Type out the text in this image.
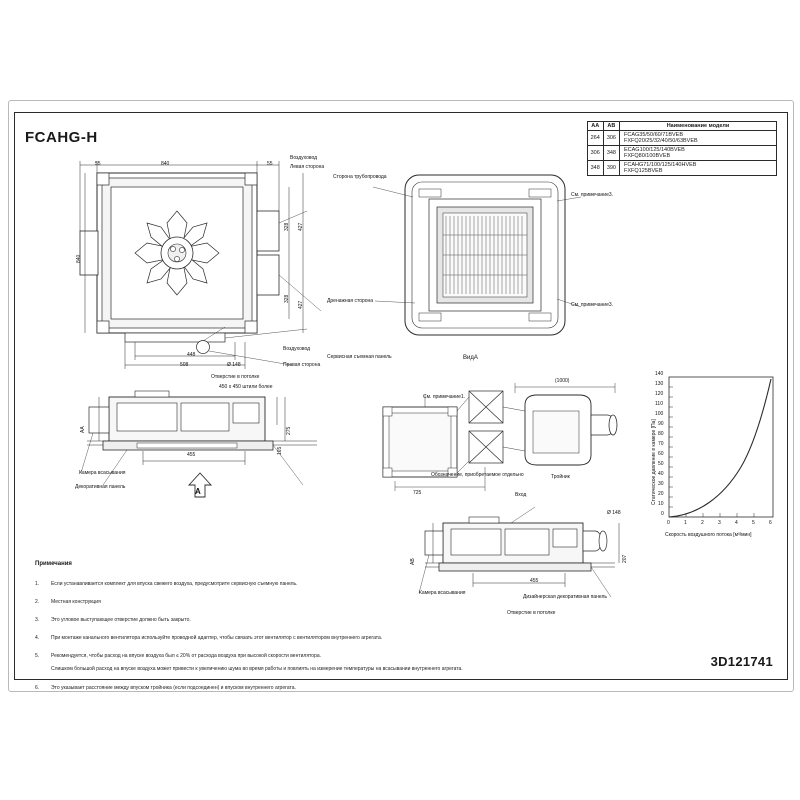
FCAHG-H
3D121741
AA	AB	Наименование модели
264	306	FCAG35/50/60/71BVEB
FXFQ20/25/32/40/50/63BVEB

306	348	ECAG100/125/140BVEB
FXFQ80/100BVEB

348	390	FCAHG71/100/125/140HVEB
FXFQ125BVEB
55	840	55
840
328 427
328
427
448
508
Воздуховод
Левая сторона
Воздуховод
Правая сторона
Сервисная съемная панель
Отверстие в потолке
Ø 148
Сторона трубопровода
См. примечание3.
См. примечание3.
Дренажная сторона
ВидА
450 х 450 штили более
AA	275
165
455
Камера всасывания
Декоративная панель	A
(1000)
725
См. примечание1.
Обозначение, приобретаемое отдельно	Тройник
Вход
AB	207
455
Ø 148
Камера всасывания
Дизайнерская декоративная панель
Отверстие в потолке
140
130
120
110
100
90
80
70
60
50
40
30
20
10
0
0	1	2	3	4	5	6
Статическое давление в камере [Па]
Скорость воздушного потока [м³/мин]
Примечания
1. Если устанавливается комплект для впуска свежего воздуха, предусмотрите сервисную съемную панель.
2. Местная конструкция
3. Это угловое выступающее отверстие должно быть закрыто.
4. При монтаже канального вентилятора используйте проводной адаптер, чтобы связать этот вентилятор с вентилятором внутреннего агрегата.
5. Рекомендуется, чтобы расход на впуске воздуха был ≤ 20% от расхода воздуха при высокой скорости вентилятора.
Слишком большой расход на впуске воздуха может привести к увеличению шума во время работы и повлиять на измерение температуры на всасывании внутреннего агрегата.
6. Это указывает расстояние между впуском тройника (если подсоединен) и впуском внутреннего агрегата.
